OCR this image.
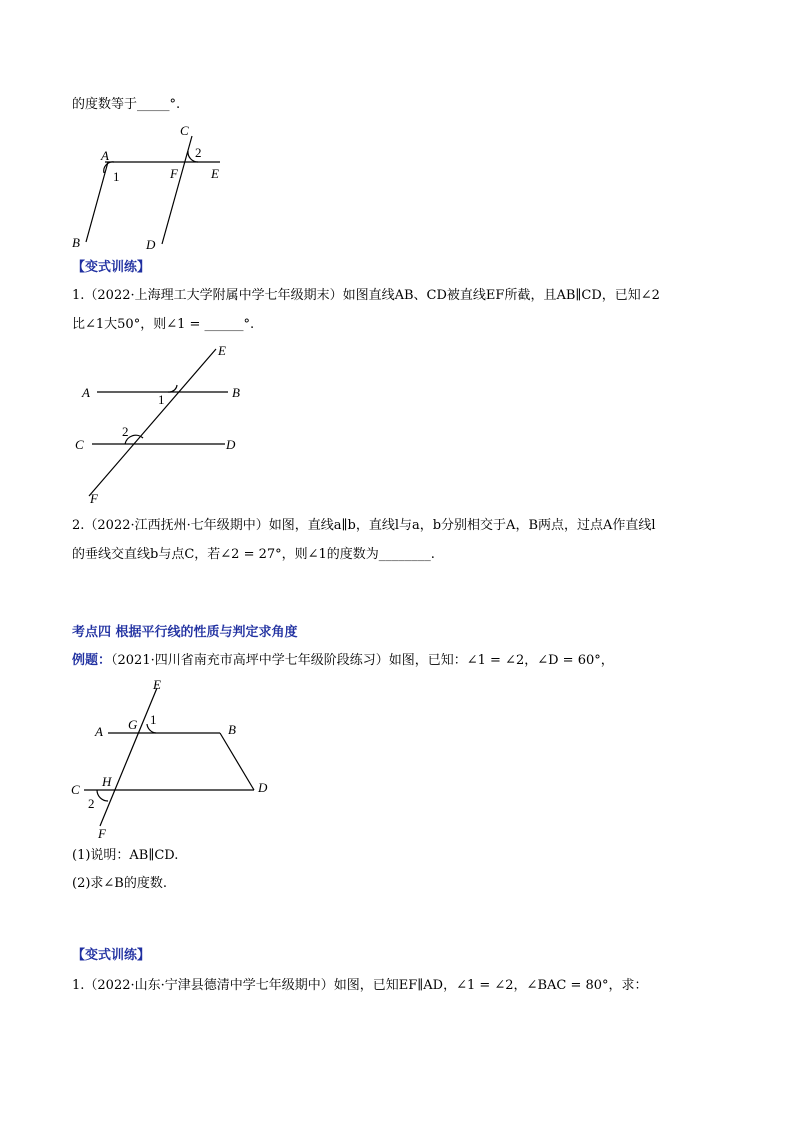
的度数等于_____°.
【变式训练】
1.（2022·上海理工大学附属中学七年级期末）如图直线AB、CD被直线EF所截，且AB∥CD，已知∠2
比∠1大50°，则∠1 = ______°.
2.（2022·江西抚州·七年级期中）如图，直线a∥b，直线l与a，b分别相交于A，B两点，过点A作直线l
的垂线交直线b与点C，若∠2 = 27°，则∠1的度数为________.
考点四 根据平行线的性质与判定求角度
例题：（2021·四川省南充市高坪中学七年级阶段练习）如图，已知：∠1 = ∠2，∠D = 60°，
(1)说明：AB∥CD.
(2)求∠B的度数.
【变式训练】
1.（2022·山东·宁津县德清中学七年级期中）如图，已知EF∥AD，∠1 = ∠2，∠BAC = 80°，求：
A
C
2
1	F	E
B	D
E
A	B
1
2
C	D
F
E
G 1
A	B
H
C	D
2
F
